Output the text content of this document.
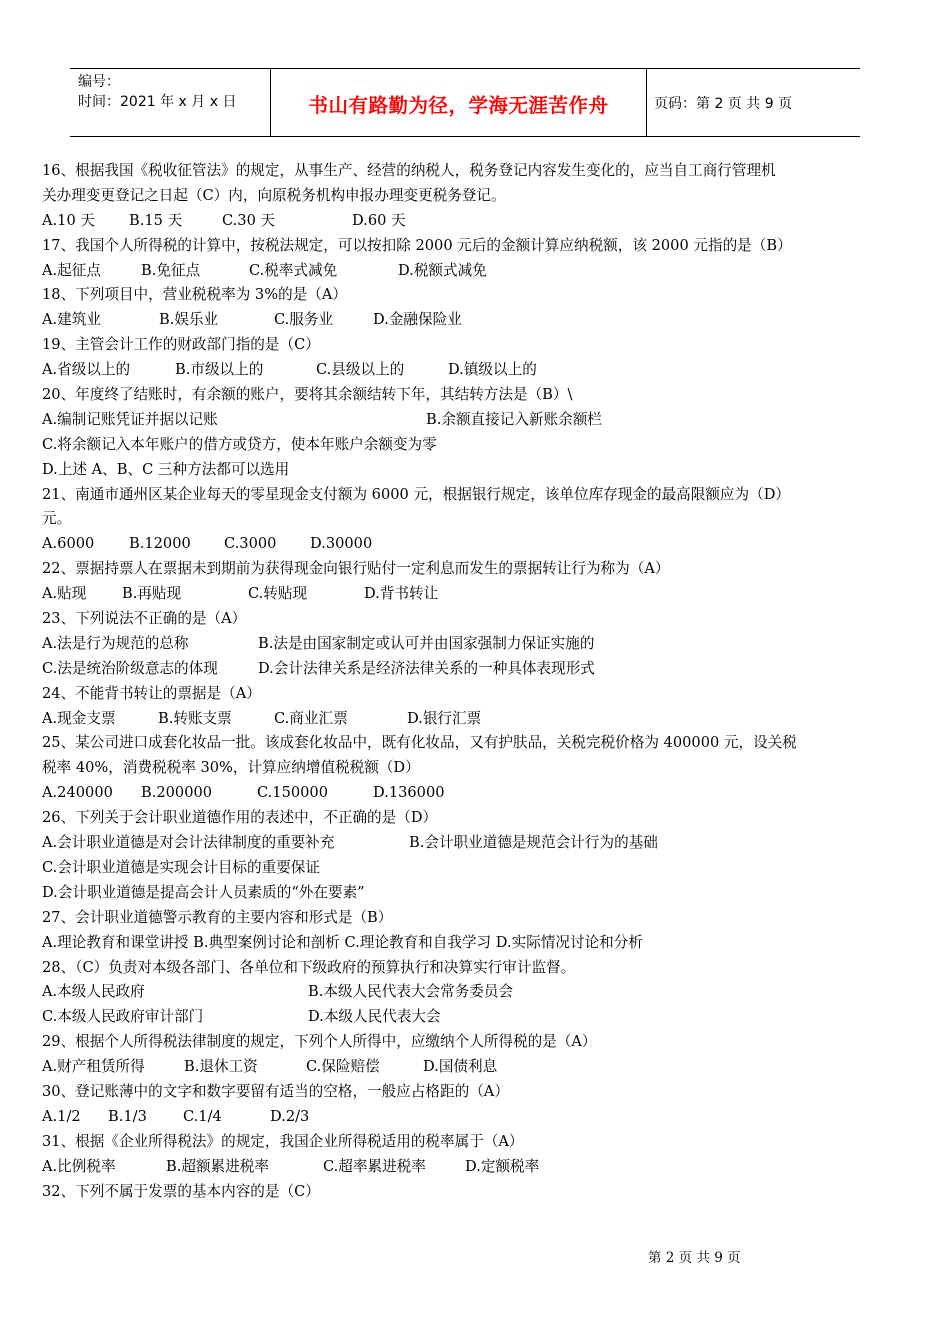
编号：
时间：2021 年 x 月 x 日	书山有路勤为径，学海无涯苦作舟	页码：第 2 页 共 9 页
16、根据我国《税收征管法》的规定，从事生产、经营的纳税人，税务登记内容发生变化的，应当自工商行管理机
关办理变更登记之日起（C）内，向原税务机构申报办理变更税务登记。
A.10 天 B.15 天	C.30 天	D.60 天
17、我国个人所得税的计算中，按税法规定，可以按扣除 2000 元后的金额计算应纳税额，该 2000 元指的是（B）
A.起征点	B.免征点	C.税率式减免	D.税额式减免
18、下列项目中，营业税税率为 3%的是（A）
A.建筑业	B.娱乐业	C.服务业	D.金融保险业
19、主管会计工作的财政部门指的是（C）
A.省级以上的	B.市级以上的	C.县级以上的	D.镇级以上的
20、年度终了结账时，有余额的账户，要将其余额结转下年，其结转方法是（B）\
A.编制记账凭证并据以记账	B.余额直接记入新账余额栏
C.将余额记入本年账户的借方或贷方，使本年账户余额变为零
D.上述 A、B、C 三种方法都可以选用
21、南通市通州区某企业每天的零星现金支付额为 6000 元，根据银行规定，该单位库存现金的最高限额应为（D）
元。
A.6000 B.12000 C.3000 D.30000
22、票据持票人在票据未到期前为获得现金向银行贴付一定利息而发生的票据转让行为称为（A）
A.贴现 B.再贴现	C.转贴现	D.背书转让
23、下列说法不正确的是（A）
A.法是行为规范的总称	B.法是由国家制定或认可并由国家强制力保证实施的
C.法是统治阶级意志的体现	D.会计法律关系是经济法律关系的一种具体表现形式
24、不能背书转让的票据是（A）
A.现金支票	B.转账支票	C.商业汇票	D.银行汇票
25、某公司进口成套化妆品一批。该成套化妆品中，既有化妆品，又有护肤品，关税完税价格为 400000 元，设关税
税率 40%，消费税税率 30%，计算应纳增值税税额（D）
A.240000 B.200000	C.150000	D.136000
26、下列关于会计职业道德作用的表述中，不正确的是（D）
A.会计职业道德是对会计法律制度的重要补充	B.会计职业道德是规范会计行为的基础
C.会计职业道德是实现会计目标的重要保证
D.会计职业道德是提高会计人员素质的“外在要素”
27、会计职业道德警示教育的主要内容和形式是（B）
A.理论教育和课堂讲授 B.典型案例讨论和剖析 C.理论教育和自我学习 D.实际情况讨论和分析
28、（C）负责对本级各部门、各单位和下级政府的预算执行和决算实行审计监督。
A.本级人民政府	B.本级人民代表大会常务委员会
C.本级人民政府审计部门	D.本级人民代表大会
29、根据个人所得税法律制度的规定，下列个人所得中，应缴纳个人所得税的是（A）
A.财产租赁所得	B.退休工资	C.保险赔偿	D.国债利息
30、登记账薄中的文字和数字要留有适当的空格，一般应占格距的（A）
A.1/2 B.1/3 C.1/4	D.2/3
31、根据《企业所得税法》的规定，我国企业所得税适用的税率属于（A）
A.比例税率	B.超额累进税率	C.超率累进税率	D.定额税率
32、下列不属于发票的基本内容的是（C）
第 2 页 共 9 页
